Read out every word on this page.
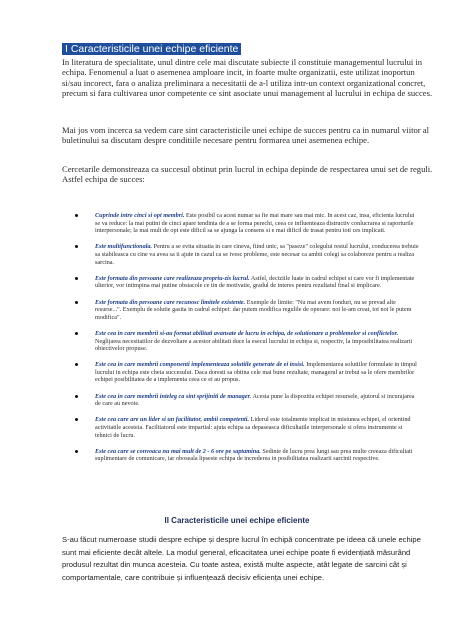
I Caracteristicile unei echipe eficiente
In literatura de specialitate, unul dintre cele mai discutate subiecte il constituie managementul lucrului in echipa. Fenomenul a luat o asemenea amploare incit, in foarte multe organizatii, este utilizat inoportun si/sau incorect, fara o analiza preliminara a necesitatii de a-l utiliza intr-un context organizational concret, precum si fara cultivarea unor competente ce sint asociate unui management al lucrului in echipa de succes.
Mai jos vom incerca sa vedem care sint caracteristicile unei echipe de succes pentru ca in numarul viitor al buletinului sa discutam despre conditiile necesare pentru formarea unei asemenea echipe.
Cercetarile demonstreaza ca succesul obtinut prin lucrul in echipa depinde de respectarea unui set de reguli. Astfel echipa de succes:
Cuprinde intre cinci si opt membri. Este posibil ca acest numar sa fie mai mare sau mai mic. In acest caz, insa, eficienta lucrului se va reduce: la mai putini de cinci apare tendinta de a se forma perechi, ceea ce influenteaza distructiv conlucrarea si raporturile interpersonale; la mai mult de opt este dificil sa se ajunga la consens si e mai dificil de trasat pentru toti ces implicati.
Este multifunctionala. Pentru a se evita situatia in care cineva, fiind unic, sa "paseze" colegului restul lucrului, conducerea trebuie sa stabileasca cu cine va avea sa ii ajute in cazul ca se ivesc probleme, este necesar ca ambii colegi sa colaboreze pentru a realiza sarcina.
Este formata din persoane care realizeaza propriu-zis lucrul. Astfel, deciziile luate in cadrul echipei si care vor fi implementate ulterior, vor intimpina mai putine obstacole ce tin de motivatie, gradul de interes pentru rezultatul final si implicare.
Este formata din persoane care recunosc limitele existente. Exemple de limite: "Nu mai avem fonduri, nu se prevad alte resurse...". Exemplu de solutie gasita in cadrul echipei: dar putem modifica regulile de operare: noi le-am creat, tot noi le putem modifica".
Este cea in care membrii si-au format abilitati avansate de lucru in echipa, de solutionare a problemelor si conflictelor. Neglijarea necesitatilor de dezvoltare a acestor abilitati duce la esecul lucrului in echipa si, respectiv, la imposibilitatea realizarii obiectivelor propuse.
Este cea in care membrii componenti implementeaza solutiile generate de ei insisi. Implementarea solutiilor formulate in timpul lucrului in echipa este cheia succesului. Daca doresti sa obtina cele mai bune rezultate, managerul ar trebui sa le ofere membrilor echipei posibilitatea de a implementa ceea ce ei au propus.
Este cea in care membrii inteleg ca sint sprijiniti de manager. Acesta pune la dispozitia echipei resursele, ajutorul si incurajarea de care au nevoie.
Este cea care are un lider si un facilitator, ambii competenti. Liderul este totalmente implicat in misiunea echipei, el orientind activitatile acesteia. Facilitatorul este impartial: ajuta echipa sa depaseasca dificultatile interpersonale si ofera instrumente si tehnici de lucru.
Este cea care se convoaca nu mai mult de 2 - 6 ore pe saptamina. Sedinte de lucru prea lungi sau prea multe creeaza dificultati suplimentare de comunicare, iar oboseala lipseste echipa de increderea in posibilitatea realizarii sarcinii respective.
II Caracteristicile unei echipe eficiente
S-au făcut numeroase studii despre echipe și despre lucrul în echipă concentrate pe ideea că unele echipe sunt mai eficiente decât altele. La modul general, eficacitatea unei echipe poate fi evidențiată măsurând produsul rezultat din munca acesteia. Cu toate astea, există multe aspecte, atât legate de sarcini cât și comportamentale, care contribuie și influențează decisiv eficiența unei echipe.
